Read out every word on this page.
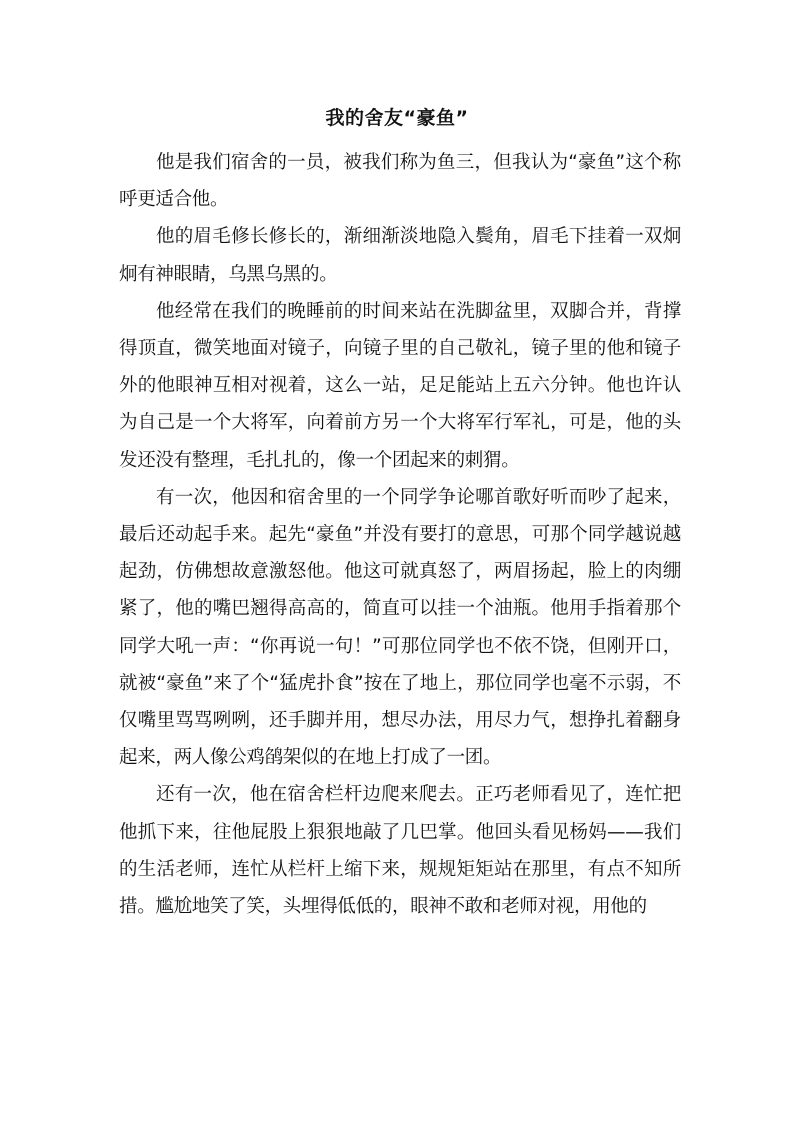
我的舍友“豪鱼”

他是我们宿舍的一员，被我们称为鱼三，但我认为“豪鱼”这个称呼更适合他。

他的眉毛修长修长的，渐细渐淡地隐入鬓角，眉毛下挂着一双炯炯有神眼睛，乌黑乌黑的。

他经常在我们的晚睡前的时间来站在洗脚盆里，双脚合并，背撑得顶直，微笑地面对镜子，向镜子里的自己敬礼，镜子里的他和镜子外的他眼神互相对视着，这么一站，足足能站上五六分钟。他也许认为自己是一个大将军，向着前方另一个大将军行军礼，可是，他的头发还没有整理，毛扎扎的，像一个团起来的刺猬。

有一次，他因和宿舍里的一个同学争论哪首歌好听而吵了起来，最后还动起手来。起先“豪鱼”并没有要打的意思，可那个同学越说越起劲，仿佛想故意激怒他。他这可就真怒了，两眉扬起，脸上的肉绷紧了，他的嘴巴翘得高高的，简直可以挂一个油瓶。他用手指着那个同学大吼一声：“你再说一句！”可那位同学也不依不饶，但刚开口，就被“豪鱼”来了个“猛虎扑食”按在了地上，那位同学也毫不示弱，不仅嘴里骂骂咧咧，还手脚并用，想尽办法，用尽力气，想挣扎着翻身起来，两人像公鸡鹐架似的在地上打成了一团。

还有一次，他在宿舍栏杆边爬来爬去。正巧老师看见了，连忙把他抓下来，往他屁股上狠狠地敲了几巴掌。他回头看见杨妈——我们的生活老师，连忙从栏杆上缩下来，规规矩矩站在那里，有点不知所措。尴尬地笑了笑，头埋得低低的，眼神不敢和老师对视，用他的
